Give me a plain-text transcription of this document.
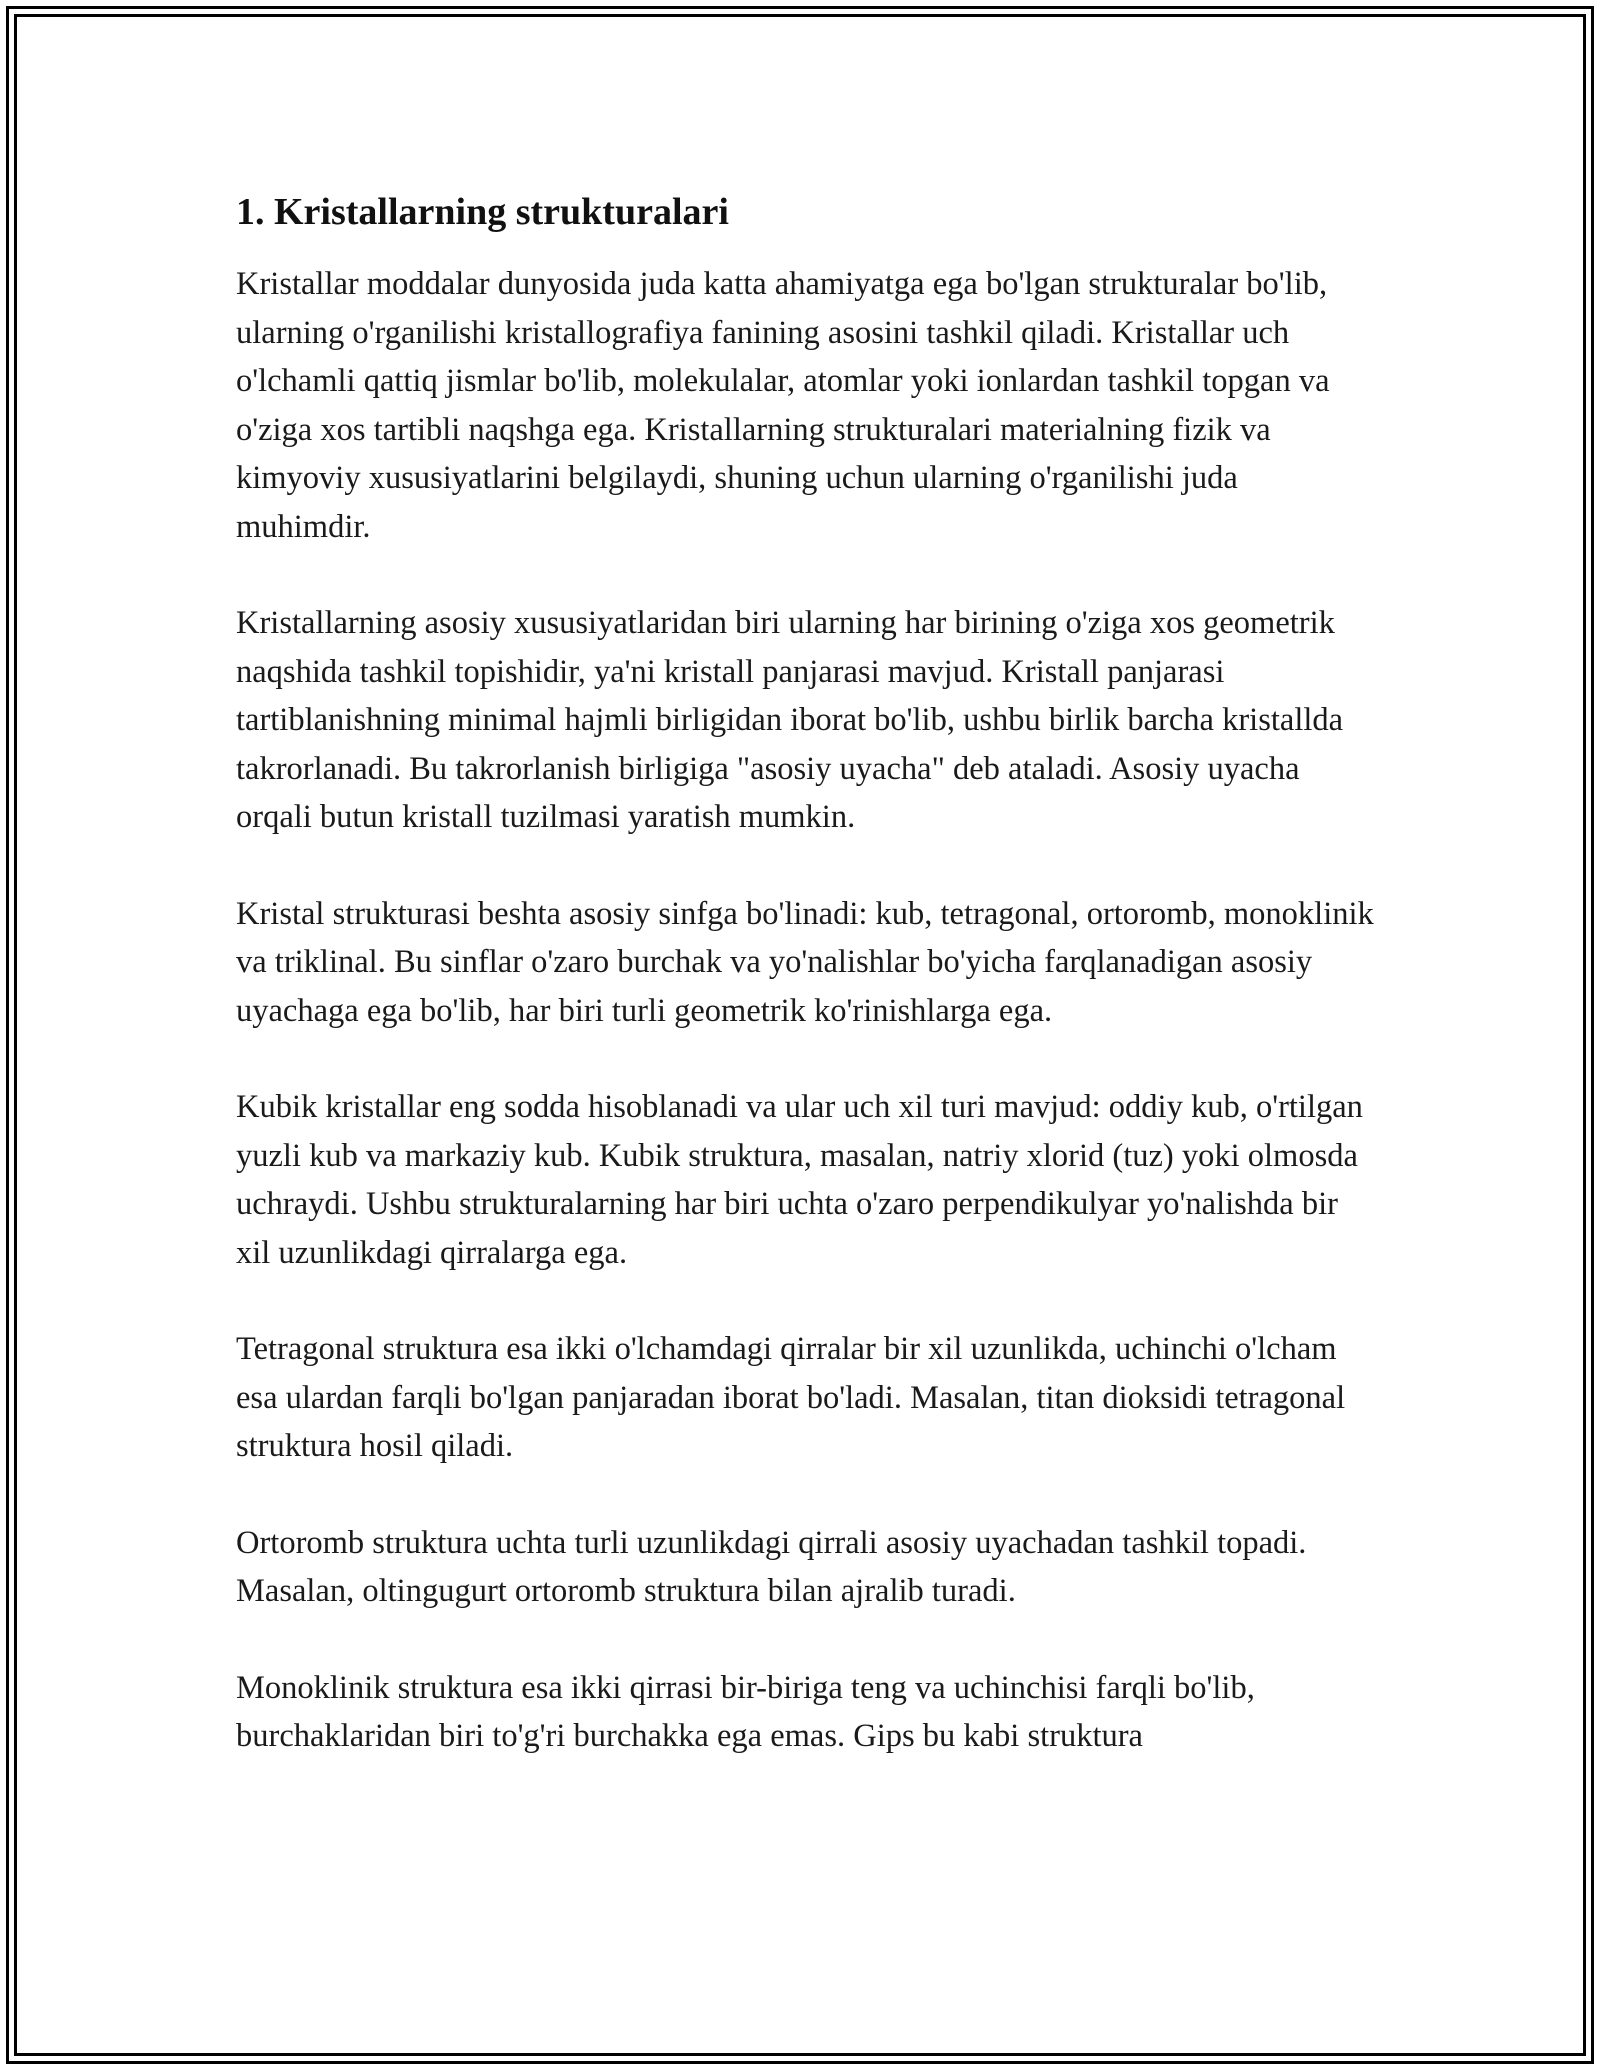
1. Kristallarning strukturalari

Kristallar moddalar dunyosida juda katta ahamiyatga ega bo'lgan strukturalar bo'lib, ularning o'rganilishi kristallografiya fanining asosini tashkil qiladi. Kristallar uch o'lchamli qattiq jismlar bo'lib, molekulalar, atomlar yoki ionlardan tashkil topgan va o'ziga xos tartibli naqshga ega. Kristallarning strukturalari materialning fizik va kimyoviy xususiyatlarini belgilaydi, shuning uchun ularning o'rganilishi juda muhimdir.

Kristallarning asosiy xususiyatlaridan biri ularning har birining o'ziga xos geometrik naqshida tashkil topishidir, ya'ni kristall panjarasi mavjud. Kristall panjarasi tartiblanishning minimal hajmli birligidan iborat bo'lib, ushbu birlik barcha kristallda takrorlanadi. Bu takrorlanish birligiga "asosiy uyacha" deb ataladi. Asosiy uyacha orqali butun kristall tuzilmasi yaratish mumkin.

Kristal strukturasi beshta asosiy sinfga bo'linadi: kub, tetragonal, ortoromb, monoklinik va triklinal. Bu sinflar o'zaro burchak va yo'nalishlar bo'yicha farqlanadigan asosiy uyachaga ega bo'lib, har biri turli geometrik ko'rinishlarga ega.

Kubik kristallar eng sodda hisoblanadi va ular uch xil turi mavjud: oddiy kub, o'rtilgan yuzli kub va markaziy kub. Kubik struktura, masalan, natriy xlorid (tuz) yoki olmosda uchraydi. Ushbu strukturalarning har biri uchta o'zaro perpendikulyar yo'nalishda bir xil uzunlikdagi qirralarga ega.

Tetragonal struktura esa ikki o'lchamdagi qirralar bir xil uzunlikda, uchinchi o'lcham esa ulardan farqli bo'lgan panjaradan iborat bo'ladi. Masalan, titan dioksidi tetragonal struktura hosil qiladi.

Ortoromb struktura uchta turli uzunlikdagi qirrali asosiy uyachadan tashkil topadi. Masalan, oltingugurt ortoromb struktura bilan ajralib turadi.

Monoklinik struktura esa ikki qirrasi bir-biriga teng va uchinchisi farqli bo'lib, burchaklaridan biri to'g'ri burchakka ega emas. Gips bu kabi struktura
